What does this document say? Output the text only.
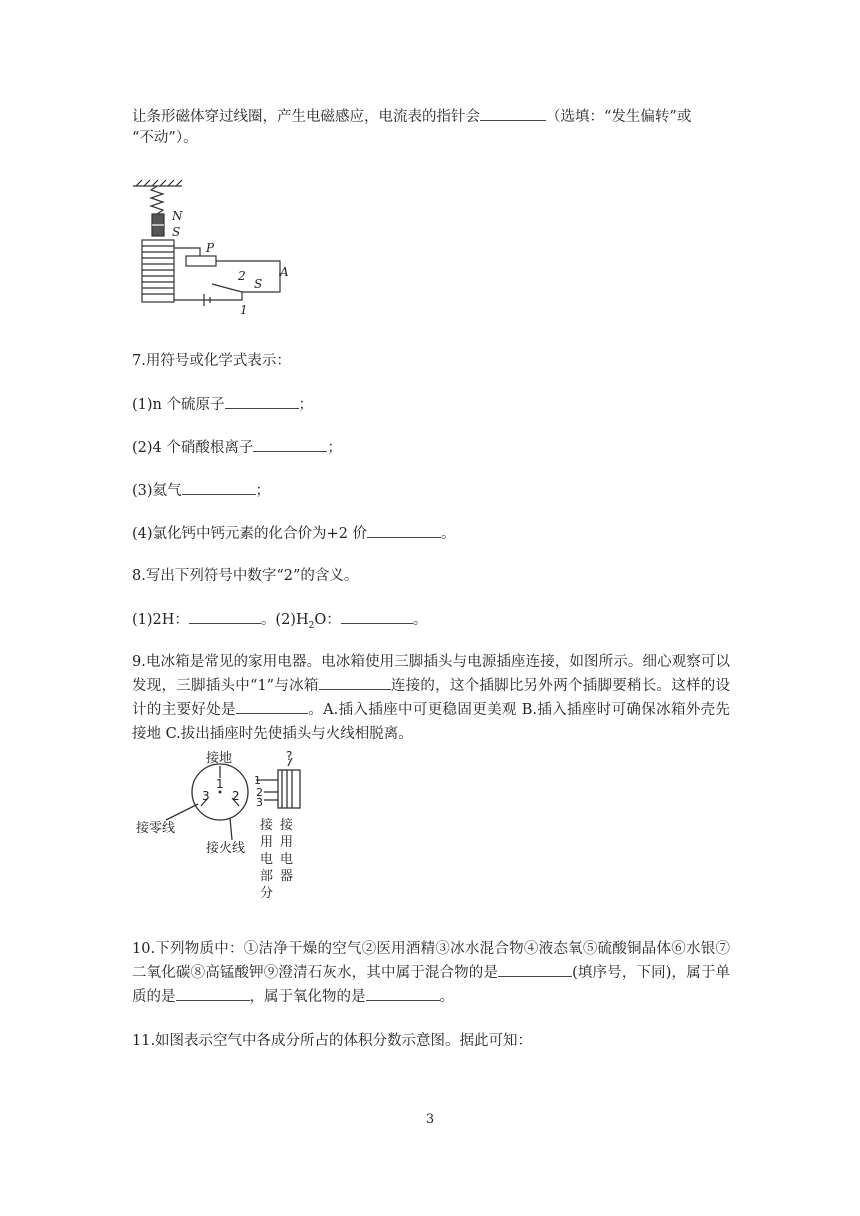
让条形磁体穿过线圈，产生电磁感应，电流表的指针会	（选填：“发生偏转”或
“不动”）。
N
S
P
A
S
2
1
7.用符号或化学式表示：
(1)n 个硫原子	；
(2)4 个硝酸根离子	；
(3)氦气	；
(4)氯化钙中钙元素的化合价为+2 价	。
8.写出下列符号中数字“2”的含义。
(1)2H：	。$(2)H_2O$：	。
9.电冰箱是常见的家用电器。电冰箱使用三脚插头与电源插座连接，如图所示。细心观察可以发现，三脚插头中“1”与冰箱	连接的，这个插脚比另外两个插脚要稍长。这样的设计的主要好处是	。A.插入插座中可更稳固更美观 B.插入插座时可确保冰箱外壳先接地 C.拔出插座时先使插头与火线相脱离。
接地
1
2
3
接零线
接火线
?
1
2
3
接用电部分
接用电器
10.下列物质中：①洁净干燥的空气②医用酒精③冰水混合物④液态氧⑤硫酸铜晶体⑥水银⑦二氧化碳⑧高锰酸钾⑨澄清石灰水，其中属于混合物的是	(填序号，下同)，属于单质的是	，属于氧化物的是	。
11.如图表示空气中各成分所占的体积分数示意图。据此可知：
3
